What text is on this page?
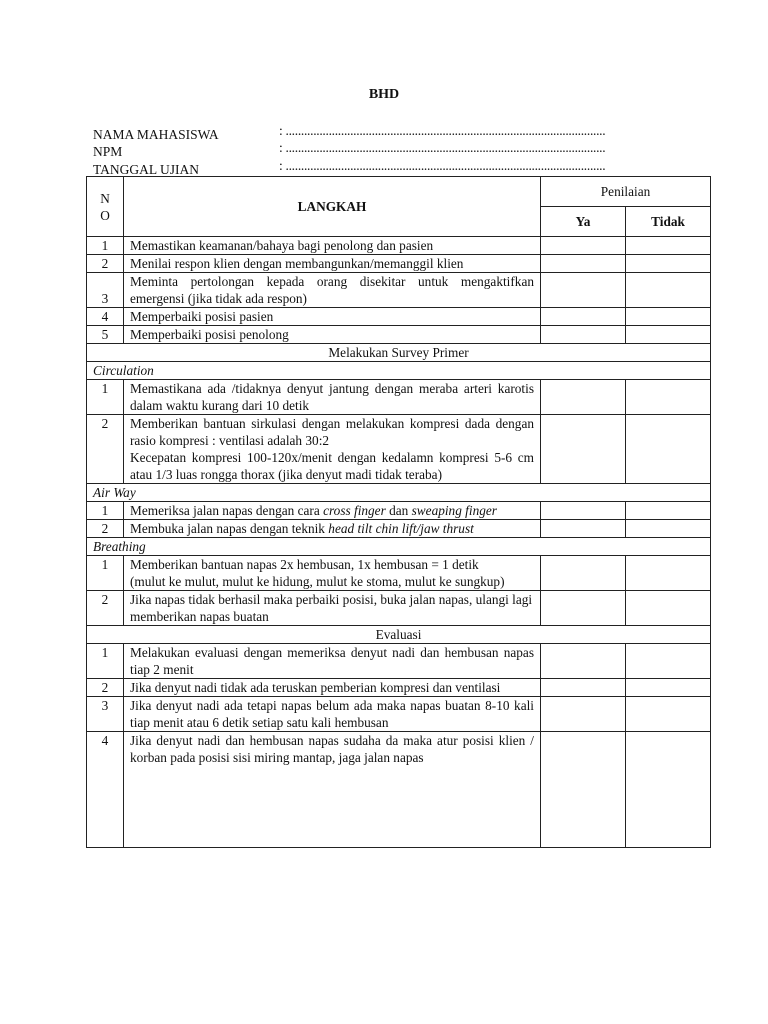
BHD
NAMA MAHASISWA	: ........................................................................................................
NPM	: ........................................................................................................
TANGGAL UJIAN	: ........................................................................................................
N
O	LANGKAH	Penilaian	
		Ya	Tidak
1	Memastikan keamanan/bahaya bagi penolong dan pasien		
2	Menilai respon klien dengan membangunkan/memanggil klien		
3	Meminta pertolongan kepada orang disekitar untuk mengaktifkan emergensi (jika tidak ada respon)		
4	Memperbaiki posisi pasien		
5	Memperbaiki posisi penolong		
Melakukan Survey Primer			
Circulation			
1	Memastikana ada /tidaknya denyut jantung dengan meraba arteri karotis dalam waktu kurang dari 10 detik		
2	Memberikan bantuan sirkulasi dengan melakukan kompresi dada dengan rasio kompresi : ventilasi adalah 30:2
Kecepatan kompresi 100-120x/menit dengan kedalamn kompresi 5-6 cm atau 1/3 luas rongga thorax (jika denyut madi tidak teraba)		

Air Way			
1	Memeriksa jalan napas dengan cara cross finger dan sweaping finger		
2	Membuka jalan napas dengan teknik head tilt chin lift/jaw thrust		
Breathing			
1	Memberikan bantuan napas 2x hembusan, 1x hembusan = 1 detik
(mulut ke mulut, mulut ke hidung, mulut ke stoma, mulut ke sungkup)		

2	Jika napas tidak berhasil maka perbaiki posisi, buka jalan napas, ulangi lagi memberikan napas buatan		
Evaluasi			
1	Melakukan evaluasi dengan memeriksa denyut nadi dan hembusan napas tiap 2 menit		
2	Jika denyut nadi tidak ada teruskan pemberian kompresi dan ventilasi		
3	Jika denyut nadi ada tetapi napas belum ada maka napas buatan 8-10 kali tiap menit atau 6 detik setiap satu kali hembusan		
4	Jika denyut nadi dan hembusan napas sudaha da maka atur posisi klien / korban pada posisi sisi miring mantap, jaga jalan napas		
